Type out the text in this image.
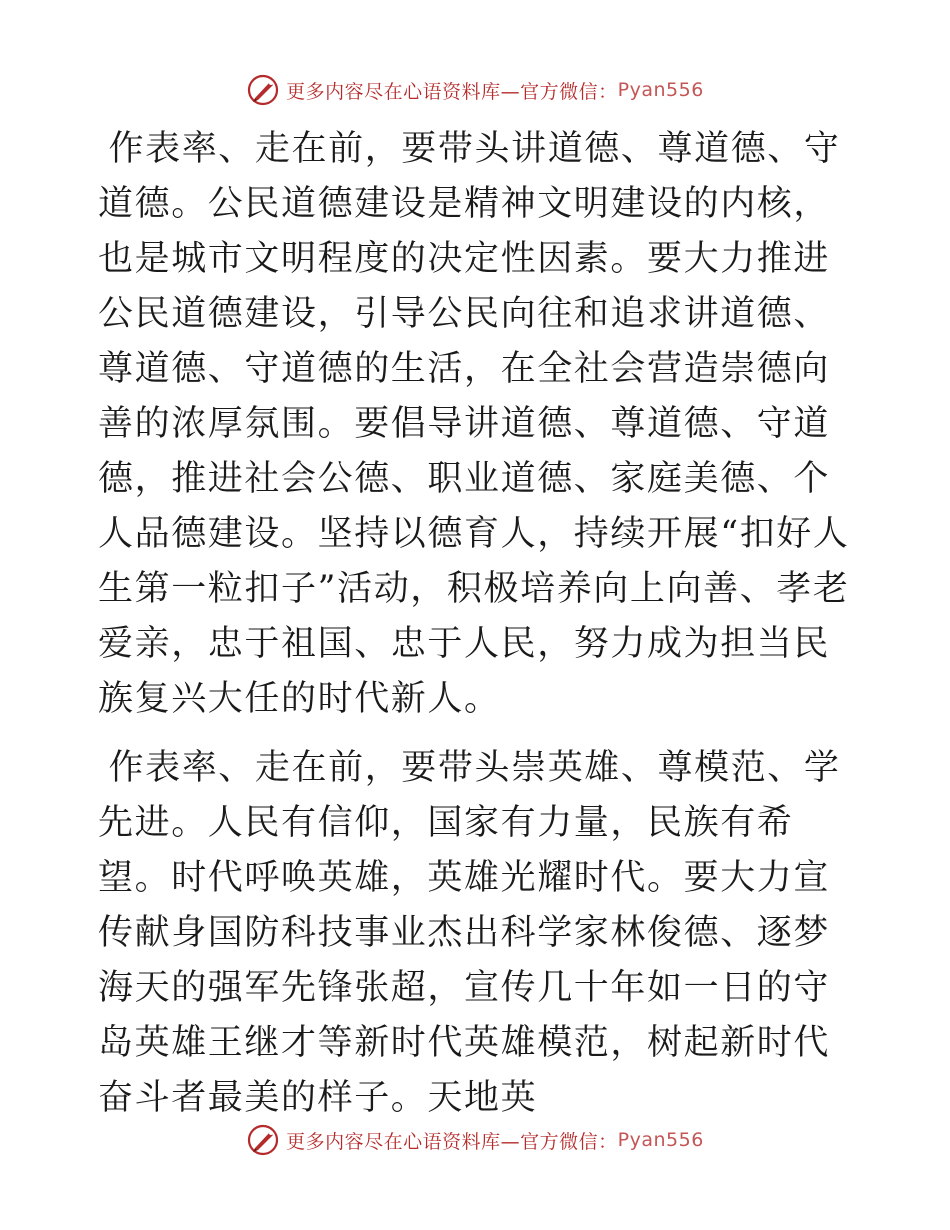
更多内容尽在心语资料库—官方微信： Pyan556

作表率、走在前，要带头讲道德、尊道德、守道德。公民道德建设是精神文明建设的内核，也是城市文明程度的决定性因素。要大力推进公民道德建设，引导公民向往和追求讲道德、尊道德、守道德的生活，在全社会营造崇德向善的浓厚氛围。要倡导讲道德、尊道德、守道德，推进社会公德、职业道德、家庭美德、个人品德建设。坚持以德育人，持续开展“扣好人生第一粒扣子”活动，积极培养向上向善、孝老爱亲，忠于祖国、忠于人民，努力成为担当民族复兴大任的时代新人。

作表率、走在前，要带头崇英雄、尊模范、学先进。人民有信仰，国家有力量，民族有希望。时代呼唤英雄，英雄光耀时代。要大力宣传献身国防科技事业杰出科学家林俊德、逐梦海天的强军先锋张超，宣传几十年如一日的守岛英雄王继才等新时代英雄模范，树起新时代奋斗者最美的样子。天地英

更多内容尽在心语资料库—官方微信： Pyan556
